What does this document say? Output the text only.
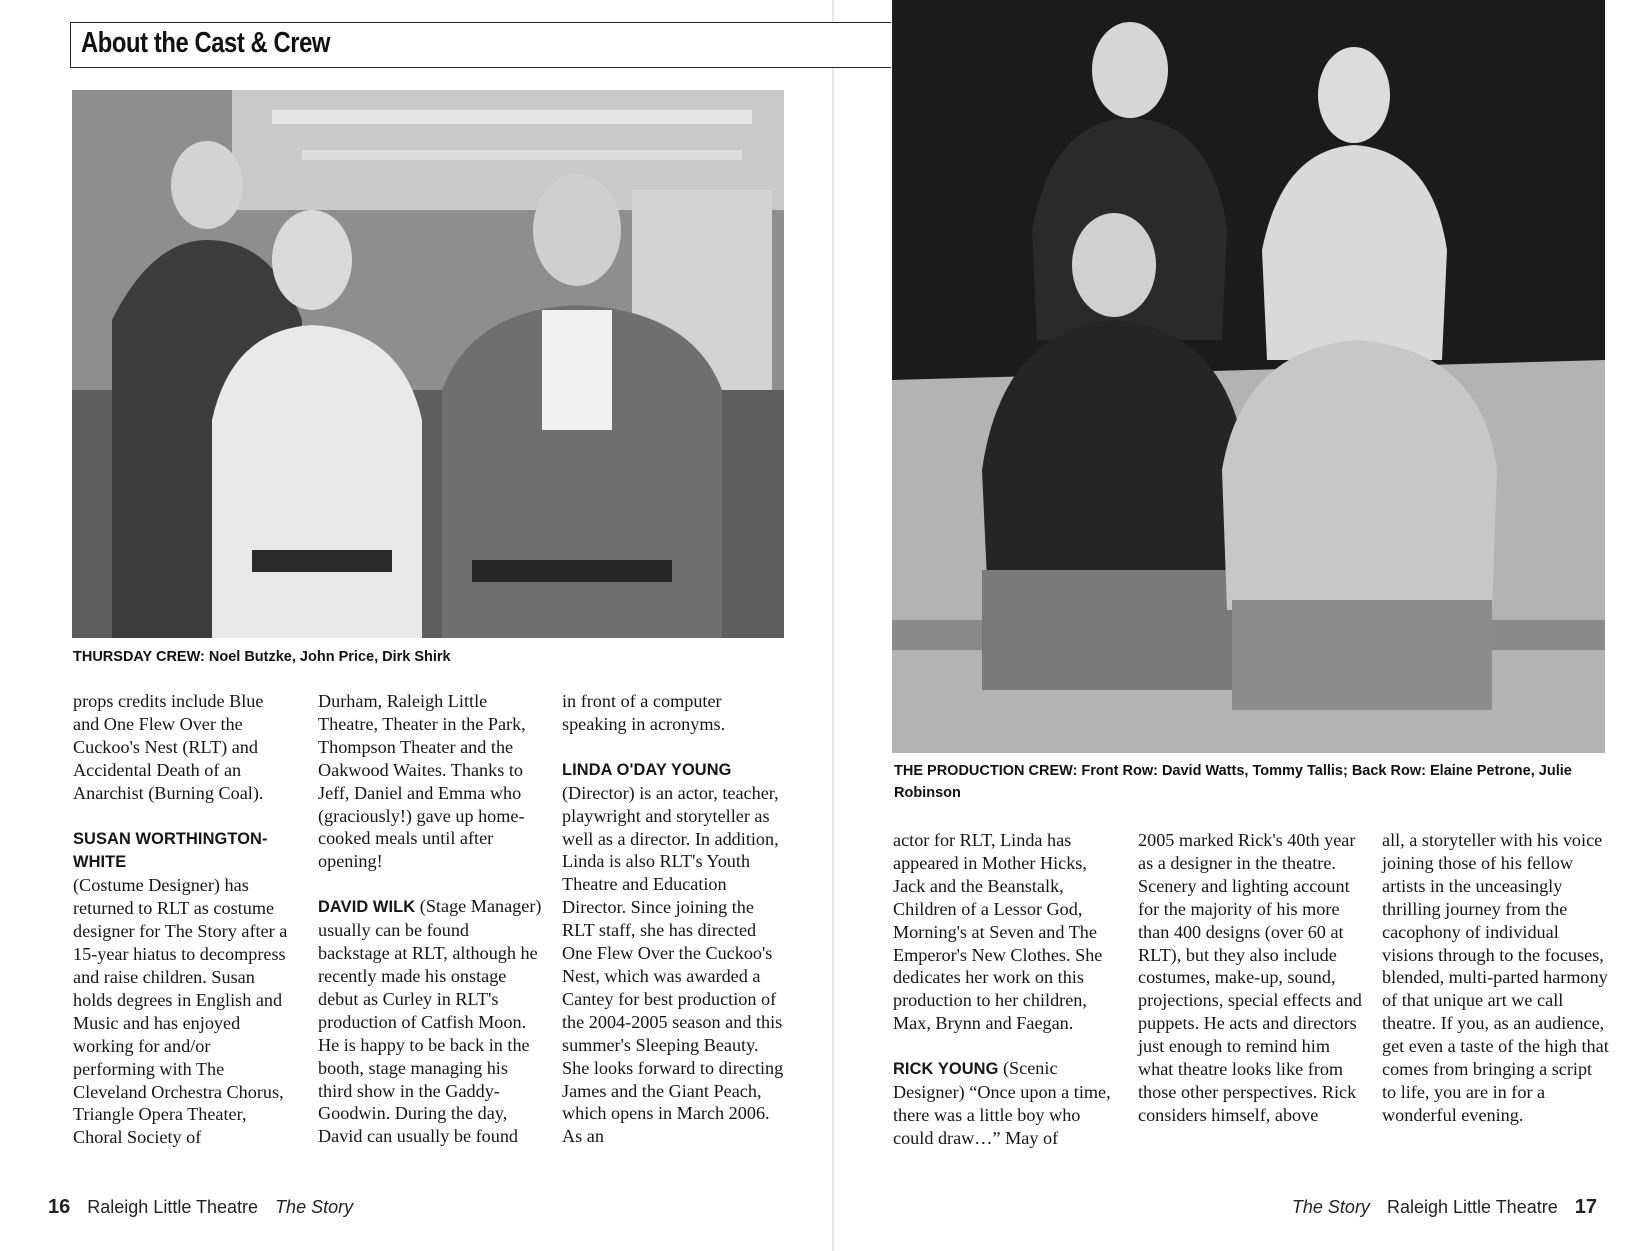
About the Cast & Crew
THURSDAY CREW: Noel Butzke, John Price, Dirk Shirk

props credits include Blue and One Flew Over the Cuckoo's Nest (RLT) and Accidental Death of an Anarchist (Burning Coal).

SUSAN WORTHINGTON-WHITE
(Costume Designer) has returned to RLT as costume designer for The Story after a 15-year hiatus to decompress and raise children. Susan holds degrees in English and Music and has enjoyed working for and/or performing with The Cleveland Orchestra Chorus, Triangle Opera Theater, Choral Society of

Durham, Raleigh Little Theatre, Theater in the Park, Thompson Theater and the Oakwood Waites. Thanks to Jeff, Daniel and Emma who (graciously!) gave up home-cooked meals until after opening!

DAVID WILK (Stage Manager) usually can be found backstage at RLT, although he recently made his onstage debut as Curley in RLT's production of Catfish Moon. He is happy to be back in the booth, stage managing his third show in the Gaddy-Goodwin. During the day, David can usually be found

in front of a computer speaking in acronyms.

LINDA O'DAY YOUNG
(Director) is an actor, teacher, playwright and storyteller as well as a director. In addition, Linda is also RLT's Youth Theatre and Education Director. Since joining the RLT staff, she has directed One Flew Over the Cuckoo's Nest, which was awarded a Cantey for best production of the 2004-2005 season and this summer's Sleeping Beauty. She looks forward to directing James and the Giant Peach, which opens in March 2006. As an

16 Raleigh Little Theatre The Story
THE PRODUCTION CREW: Front Row: David Watts, Tommy Tallis; Back Row: Elaine Petrone, Julie Robinson

actor for RLT, Linda has appeared in Mother Hicks, Jack and the Beanstalk, Children of a Lessor God, Morning's at Seven and The Emperor's New Clothes. She dedicates her work on this production to her children, Max, Brynn and Faegan.

RICK YOUNG (Scenic Designer) “Once upon a time, there was a little boy who could draw…” May of

2005 marked Rick's 40th year as a designer in the theatre. Scenery and lighting account for the majority of his more than 400 designs (over 60 at RLT), but they also include costumes, make-up, sound, projections, special effects and puppets. He acts and directors just enough to remind him what theatre looks like from those other perspectives. Rick considers himself, above

all, a storyteller with his voice joining those of his fellow artists in the unceasingly thrilling journey from the cacophony of individual visions through to the focuses, blended, multi-parted harmony of that unique art we call theatre. If you, as an audience, get even a taste of the high that comes from bringing a script to life, you are in for a wonderful evening.

The Story Raleigh Little Theatre 17
